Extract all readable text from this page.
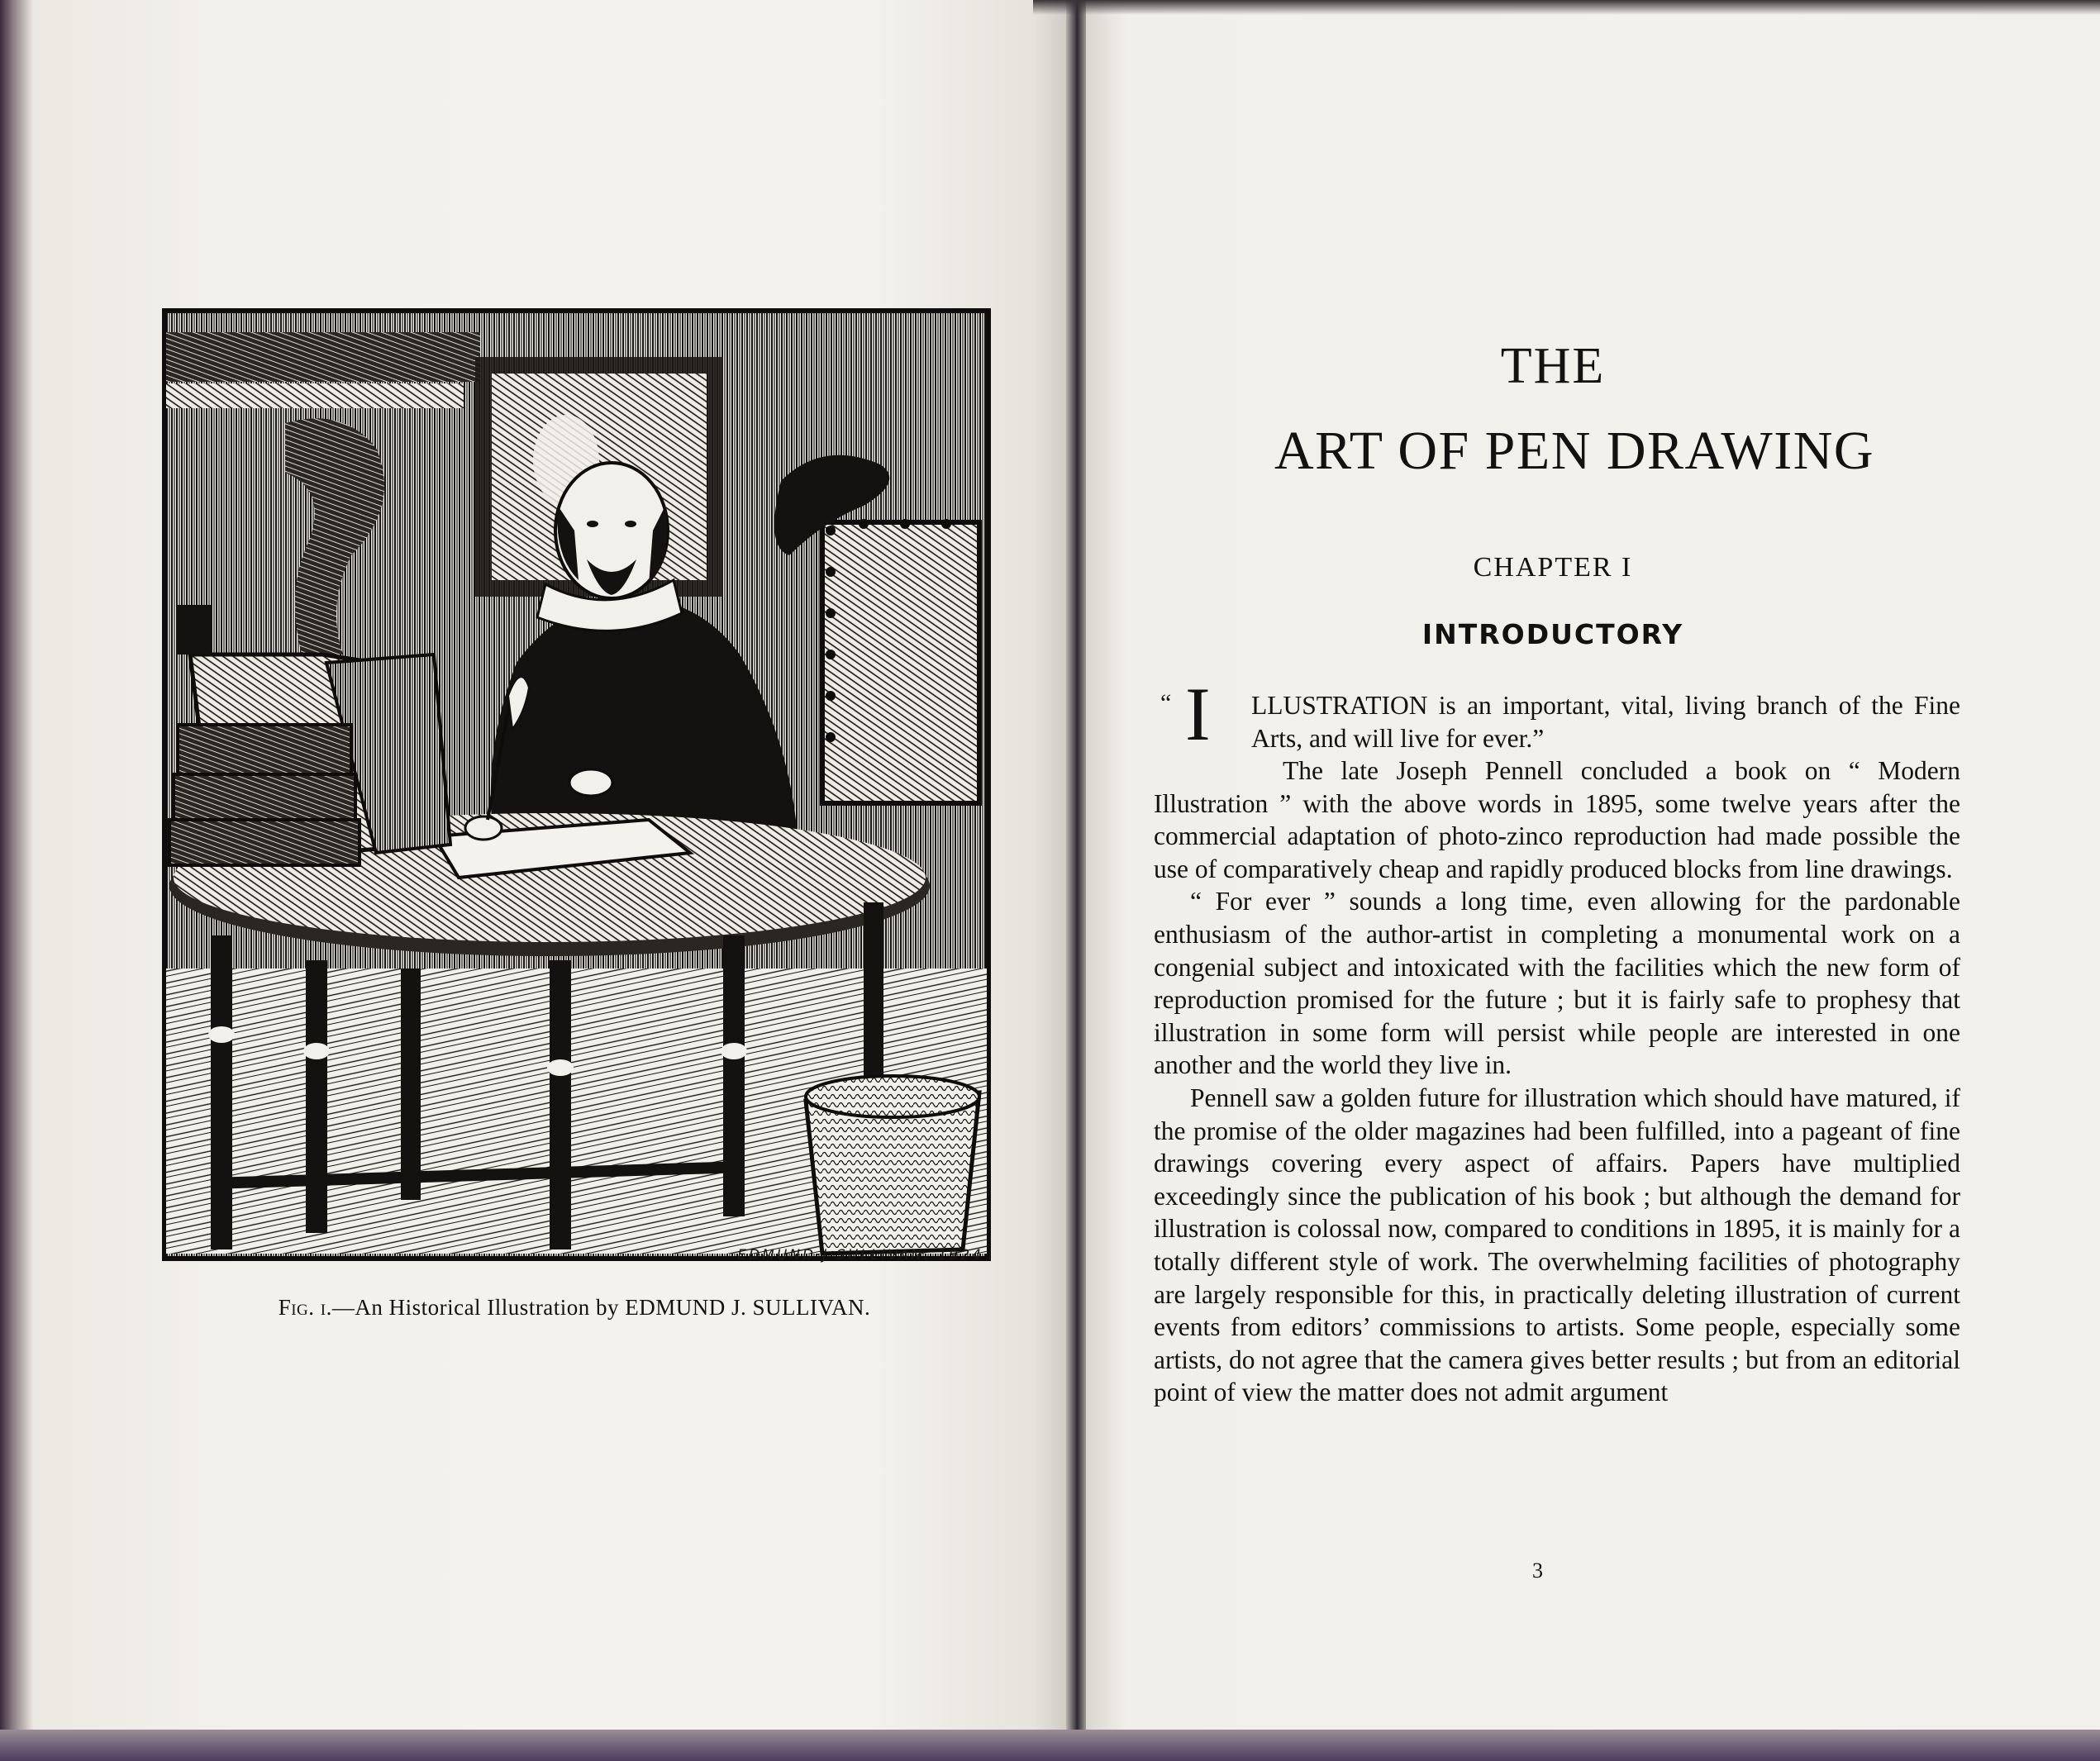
EDMUND·J·SULLIVAN. 1924
Fig. i.—An Historical Illustration by EDMUND J. SULLIVAN.
THE
ART OF PEN DRAWING
CHAPTER I
INTRODUCTORY
“ I LLUSTRATION is an important, vital, living branch of the Fine Arts, and will live for ever.”

The late Joseph Pennell concluded a book on “ Modern Illustration ” with the above words in 1895, some twelve years after the commercial adaptation of photo-zinco reproduction had made possible the use of comparatively cheap and rapidly produced blocks from line drawings.

“ For ever ” sounds a long time, even allowing for the pardonable enthusiasm of the author-artist in completing a monumental work on a congenial subject and intoxicated with the facilities which the new form of reproduction promised for the future ; but it is fairly safe to prophesy that illustration in some form will persist while people are interested in one another and the world they live in.

Pennell saw a golden future for illustration which should have matured, if the promise of the older magazines had been fulfilled, into a pageant of fine drawings covering every aspect of affairs. Papers have multiplied exceedingly since the publication of his book ; but although the demand for illustration is colossal now, compared to conditions in 1895, it is mainly for a totally different style of work. The overwhelming facilities of photography are largely responsible for this, in practically deleting illustration of current events from editors’ commissions to artists. Some people, especially some artists, do not agree that the camera gives better results ; but from an editorial point of view the matter does not admit argument

3
